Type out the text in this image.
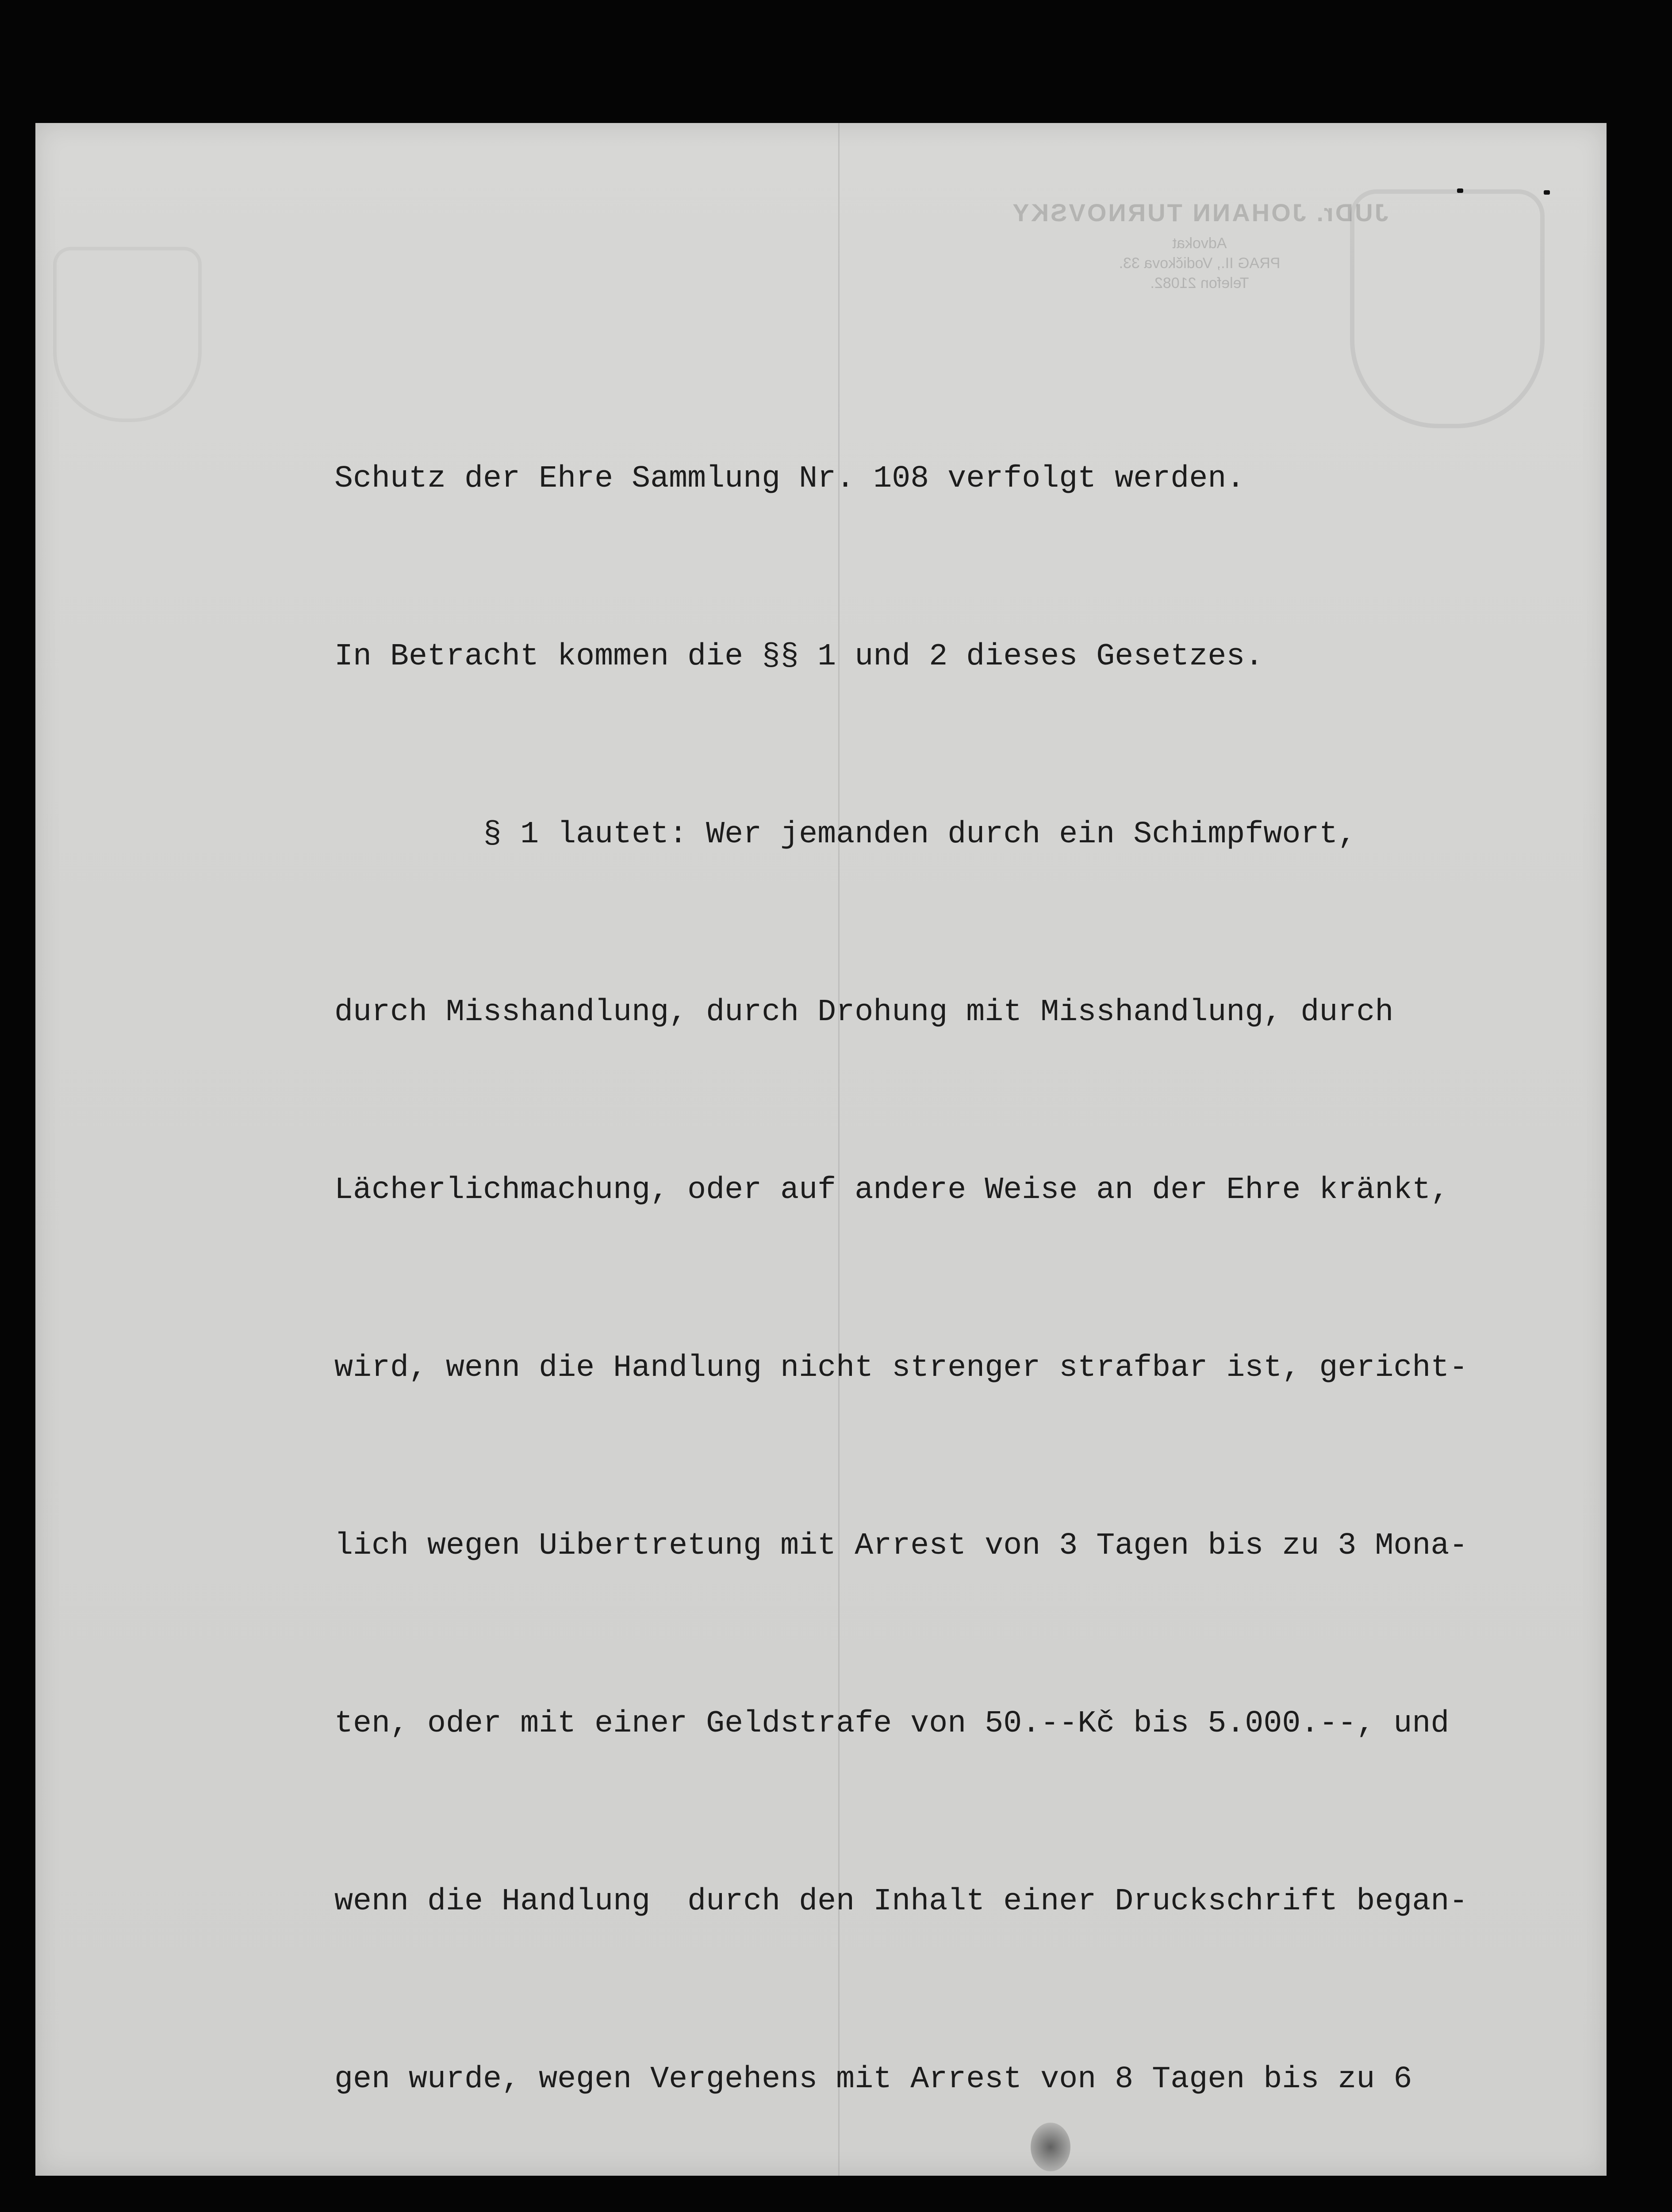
JUDr. JOHANN TURNOVSKY
Advokat
PRAG II., Vodičkova 33.
Telefon 21082.

Schutz der Ehre Sammlung Nr. 108 verfolgt werden.

In Betracht kommen die §§ 1 und 2 dieses Gesetzes.

§ 1 lautet: Wer jemanden durch ein Schimpfwort,

durch Misshandlung, durch Drohung mit Misshandlung, durch

Lächerlichmachung, oder auf andere Weise an der Ehre kränkt,

wird, wenn die Handlung nicht strenger strafbar ist, gericht-

lich wegen Uibertretung mit Arrest von 3 Tagen bis zu 3 Mona-

ten, oder mit einer Geldstrafe von 50.--Kč bis 5.000.--, und

wenn die Handlung  durch den Inhalt einer Druckschrift began-

gen wurde, wegen Vergehens mit Arrest von 8 Tagen bis zu 6
